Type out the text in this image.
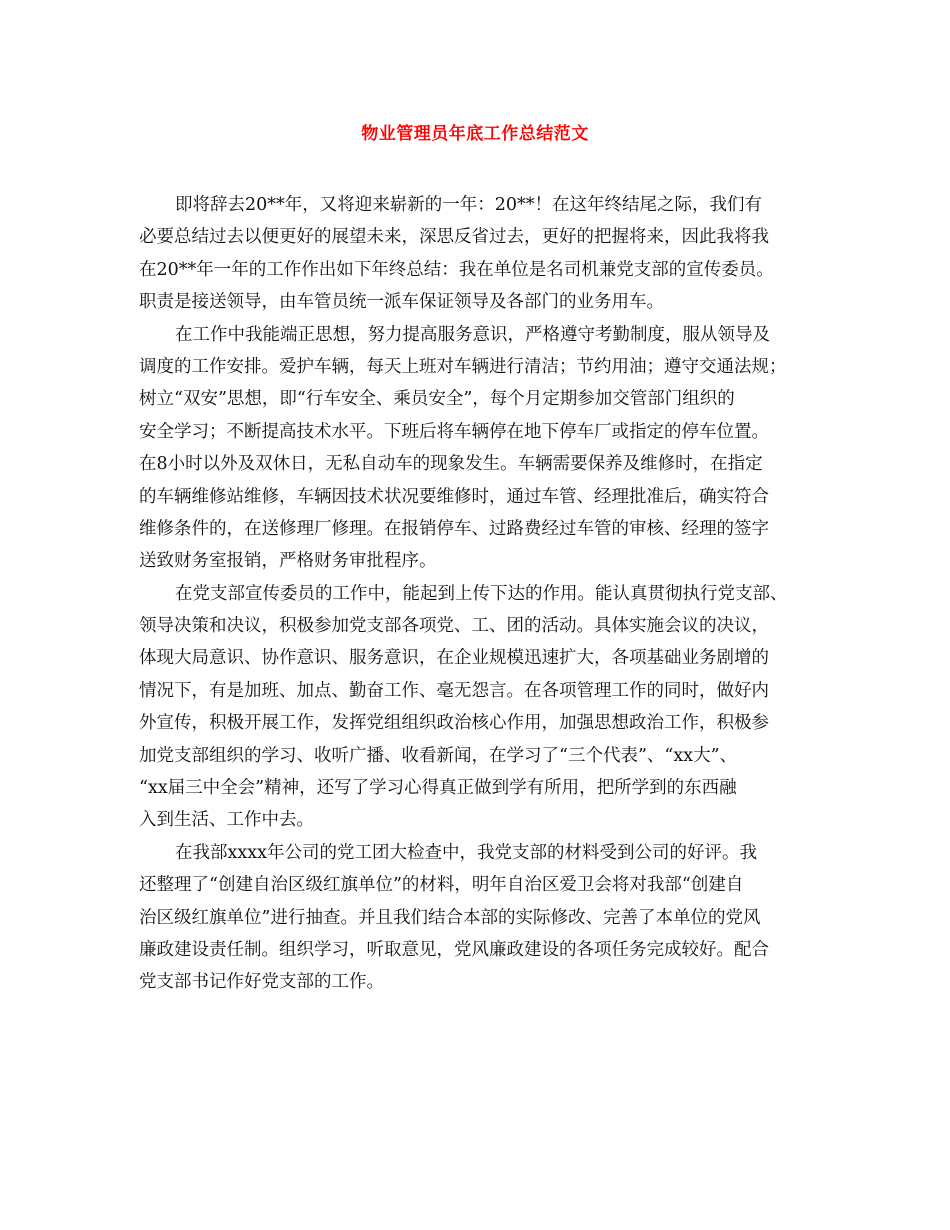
物业管理员年底工作总结范文
即将辞去20**年，又将迎来崭新的一年：20**！在这年终结尾之际，我们有
必要总结过去以便更好的展望未来，深思反省过去，更好的把握将来，因此我将我
在20**年一年的工作作出如下年终总结：我在单位是名司机兼党支部的宣传委员。
职责是接送领导，由车管员统一派车保证领导及各部门的业务用车。
在工作中我能端正思想，努力提高服务意识，严格遵守考勤制度，服从领导及
调度的工作安排。爱护车辆，每天上班对车辆进行清洁；节约用油；遵守交通法规；
树立“双安”思想，即“行车安全、乘员安全”，每个月定期参加交管部门组织的
安全学习；不断提高技术水平。下班后将车辆停在地下停车厂或指定的停车位置。
在8小时以外及双休日，无私自动车的现象发生。车辆需要保养及维修时，在指定
的车辆维修站维修，车辆因技术状况要维修时，通过车管、经理批准后，确实符合
维修条件的，在送修理厂修理。在报销停车、过路费经过车管的审核、经理的签字
送致财务室报销，严格财务审批程序。
在党支部宣传委员的工作中，能起到上传下达的作用。能认真贯彻执行党支部、
领导决策和决议，积极参加党支部各项党、工、团的活动。具体实施会议的决议，
体现大局意识、协作意识、服务意识，在企业规模迅速扩大，各项基础业务剧增的
情况下，有是加班、加点、勤奋工作、毫无怨言。在各项管理工作的同时，做好内
外宣传，积极开展工作，发挥党组组织政治核心作用，加强思想政治工作，积极参
加党支部组织的学习、收听广播、收看新闻，在学习了“三个代表”、“xx大”、
“xx届三中全会”精神，还写了学习心得真正做到学有所用，把所学到的东西融
入到生活、工作中去。
在我部xxxx年公司的党工团大检查中，我党支部的材料受到公司的好评。我
还整理了“创建自治区级红旗单位”的材料，明年自治区爱卫会将对我部“创建自
治区级红旗单位”进行抽查。并且我们结合本部的实际修改、完善了本单位的党风
廉政建设责任制。组织学习，听取意见，党风廉政建设的各项任务完成较好。配合
党支部书记作好党支部的工作。
